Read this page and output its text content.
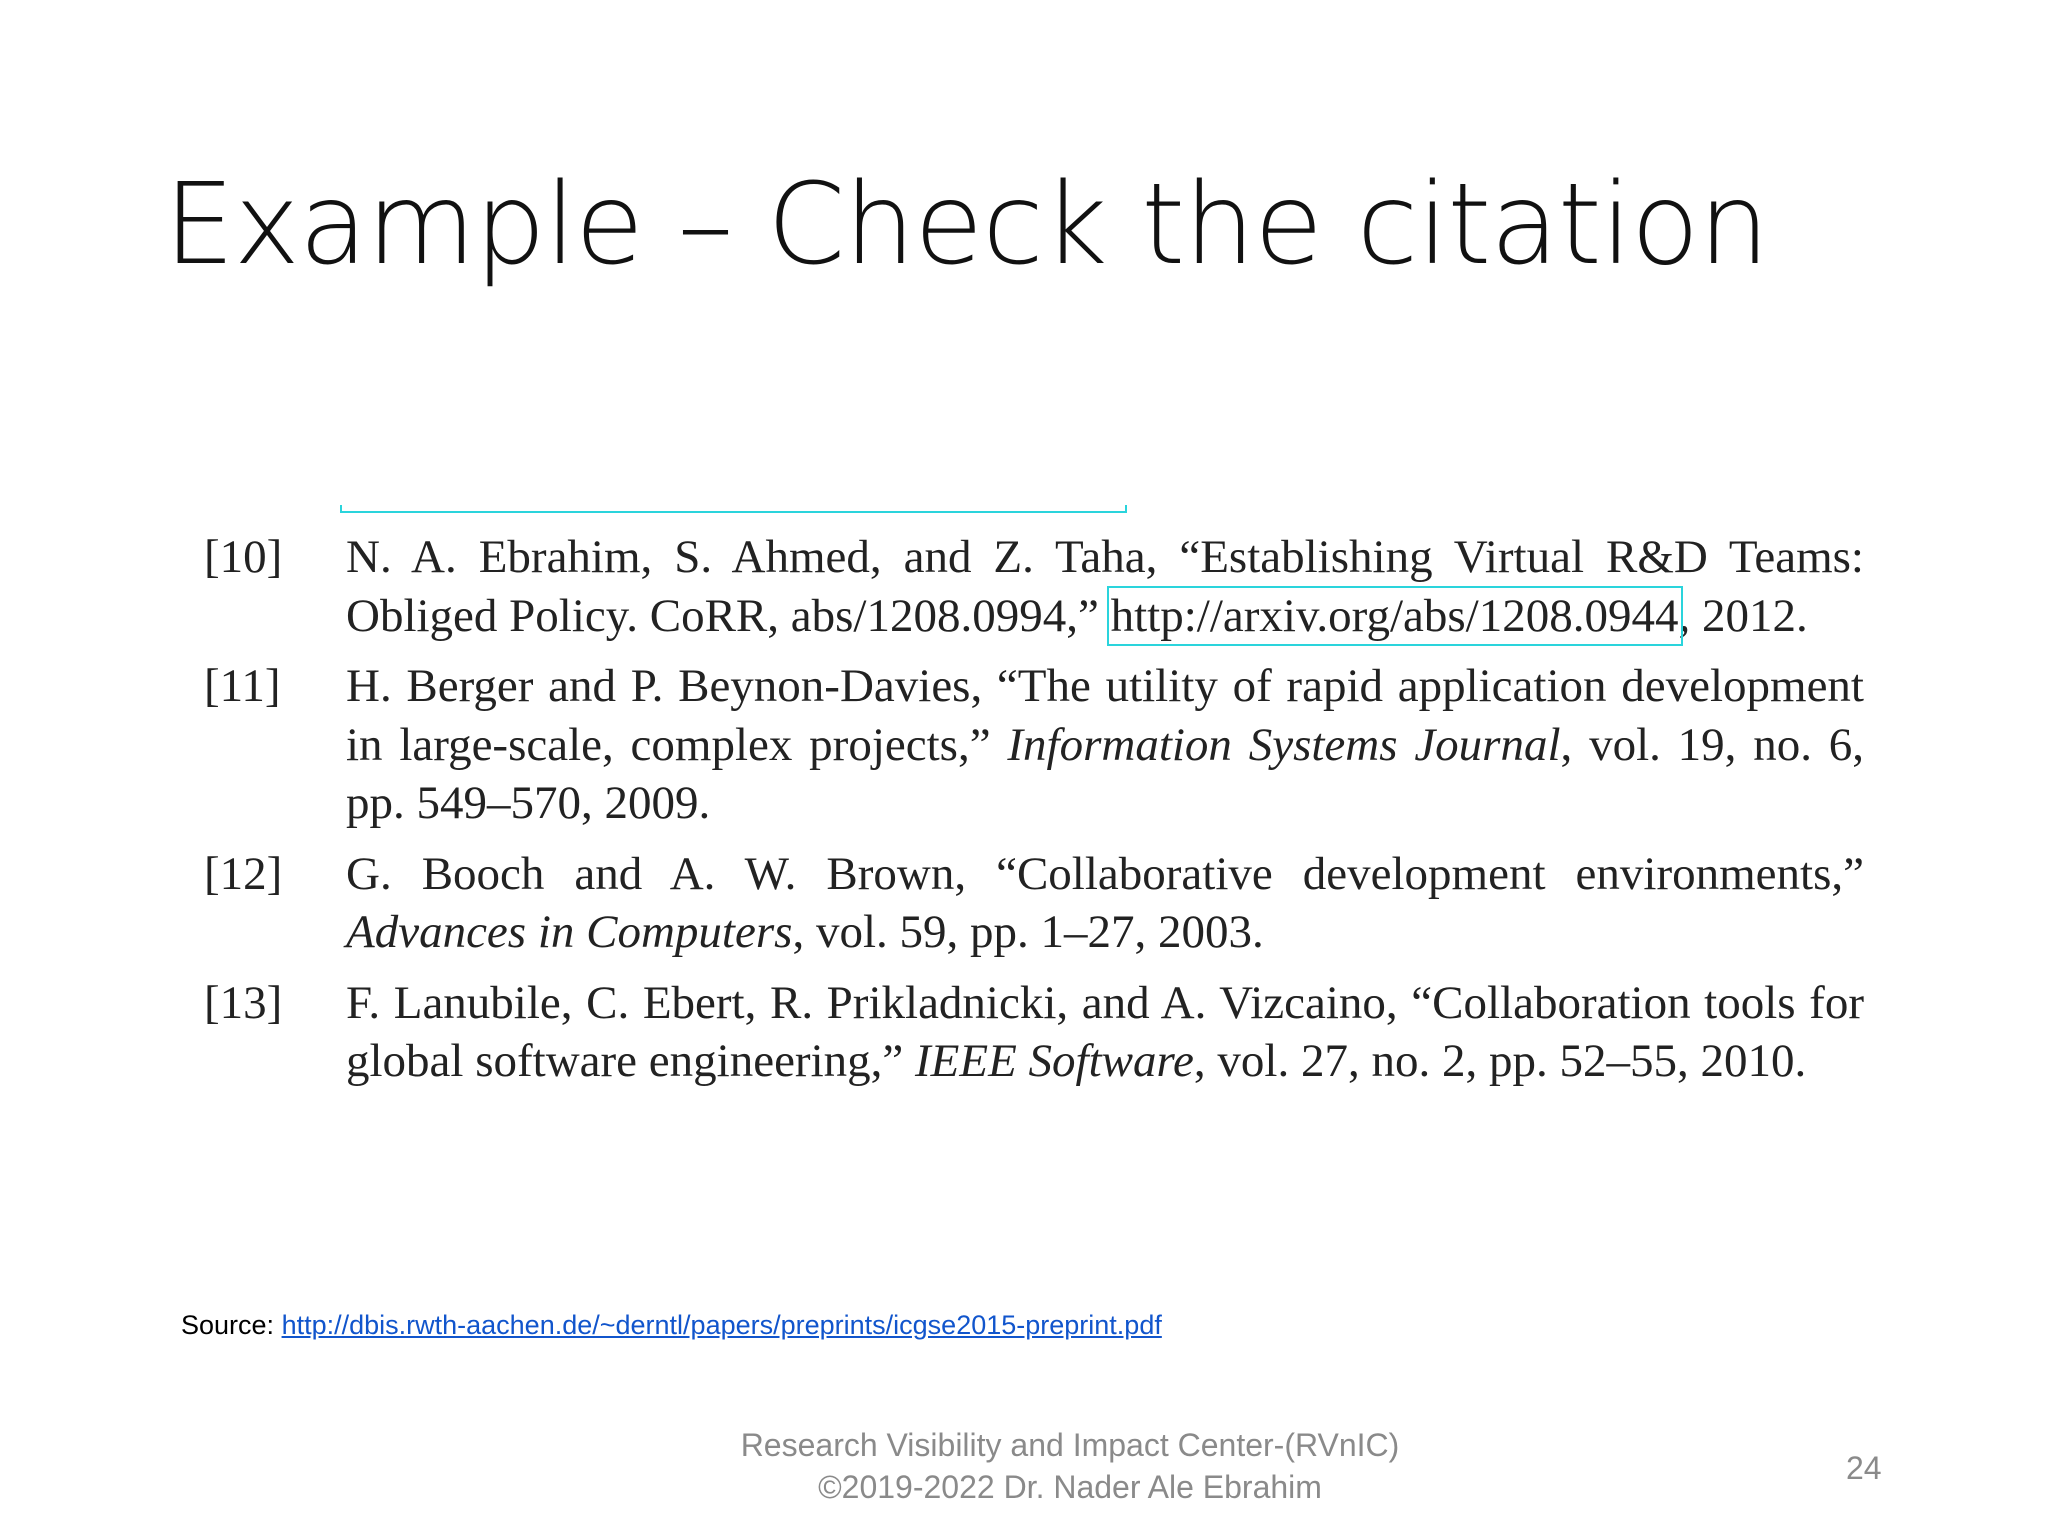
Example – Check the citation
[10]	N. A. Ebrahim, S. Ahmed, and Z. Taha, “Establishing Virtual R&D Teams: Obliged Policy. CoRR, abs/1208.0994,” http://arxiv.org/abs/1208.0944, 2012.
[11]	H. Berger and P. Beynon-Davies, “The utility of rapid application development in large-scale, complex projects,” Information Systems Journal, vol. 19, no. 6, pp. 549–570, 2009.
[12]	G. Booch and A. W. Brown, “Collaborative development environments,” Advances in Computers, vol. 59, pp. 1–27, 2003.
[13]	F. Lanubile, C. Ebert, R. Prikladnicki, and A. Vizcaino, “Collaboration tools for global software engineering,” IEEE Software, vol. 27, no. 2, pp. 52–55, 2010.
Source: http://dbis.rwth-aachen.de/~derntl/papers/preprints/icgse2015-preprint.pdf
Research Visibility and Impact Center-(RVnIC)
©2019-2022 Dr. Nader Ale Ebrahim
24
